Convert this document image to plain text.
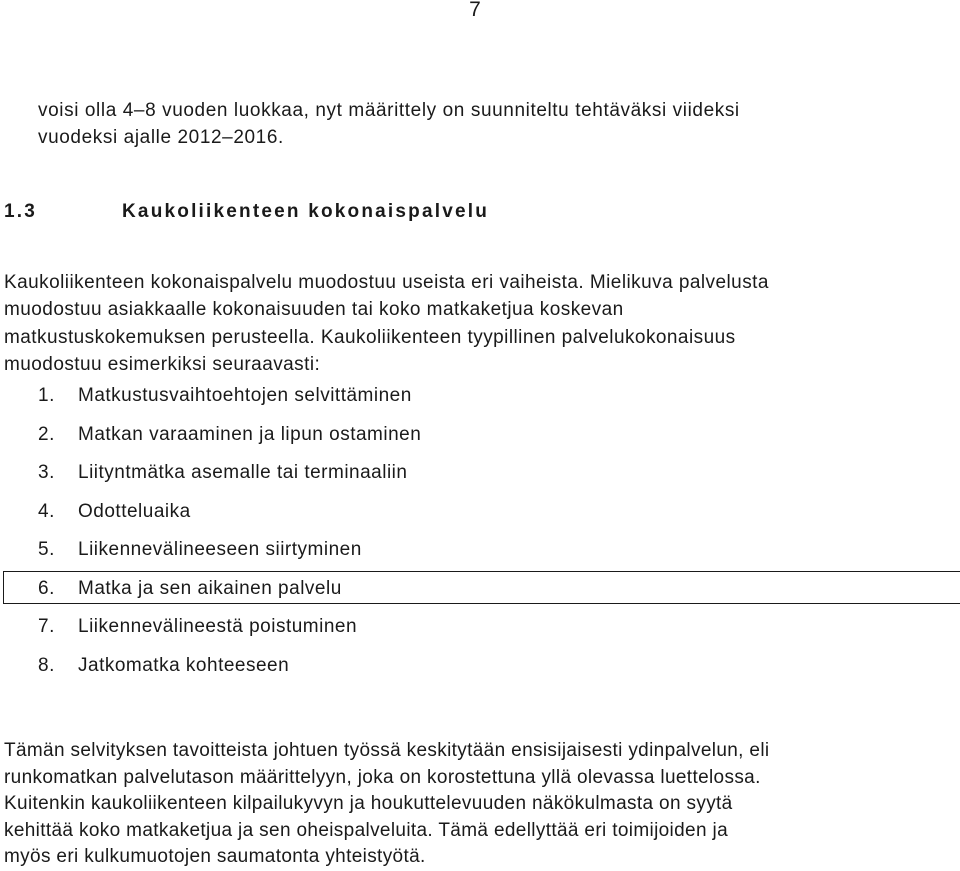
7
voisi olla 4–8 vuoden luokkaa, nyt määrittely on suunniteltu tehtäväksi viideksi
vuodeksi ajalle 2012–2016.
1.3	Kaukoliikenteen kokonaispalvelu
Kaukoliikenteen kokonaispalvelu muodostuu useista eri vaiheista. Mielikuva palvelusta
muodostuu asiakkaalle kokonaisuuden tai koko matkaketjua koskevan
matkustuskokemuksen perusteella. Kaukoliikenteen tyypillinen palvelukokonaisuus
muodostuu esimerkiksi seuraavasti:
1. Matkustusvaihtoehtojen selvittäminen
2. Matkan varaaminen ja lipun ostaminen
3. Liityntmätka asemalle tai terminaaliin
4. Odotteluaika
5. Liikennevälineeseen siirtyminen
6. Matka ja sen aikainen palvelu
7. Liikennevälineestä poistuminen
8. Jatkomatka kohteeseen
Tämän selvityksen tavoitteista johtuen työssä keskitytään ensisijaisesti ydinpalvelun, eli
runkomatkan palvelutason määrittelyyn, joka on korostettuna yllä olevassa luettelossa.
Kuitenkin kaukoliikenteen kilpailukyvyn ja houkuttelevuuden näkökulmasta on syytä
kehittää koko matkaketjua ja sen oheispalveluita. Tämä edellyttää eri toimijoiden ja
myös eri kulkumuotojen saumatonta yhteistyötä.
